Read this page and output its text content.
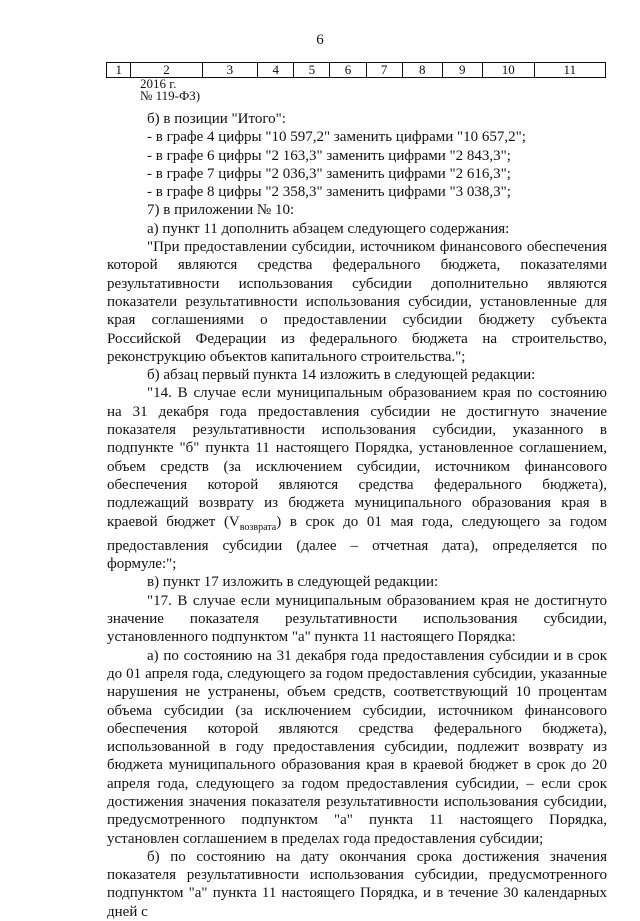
6
1	2	3	4	5	6	7	8	9	10	11
2016 г.
№ 119-ФЗ)

б) в позиции "Итого":

- в графе 4 цифры "10 597,2" заменить цифрами "10 657,2";

- в графе 6 цифры "2 163,3" заменить цифрами "2 843,3";

- в графе 7 цифры "2 036,3" заменить цифрами "2 616,3";

- в графе 8 цифры "2 358,3" заменить цифрами "3 038,3";

7) в приложении № 10:

а) пункт 11 дополнить абзацем следующего содержания:

"При предоставлении субсидии, источником финансового обеспечения которой являются средства федерального бюджета, показателями результативности использования субсидии дополнительно являются показатели результативности использования субсидии, установленные для края соглашениями о предоставлении субсидии бюджету субъекта Российской Федерации из федерального бюджета на строительство, реконструкцию объектов капитального строительства.";

б) абзац первый пункта 14 изложить в следующей редакции:

"14. В случае если муниципальным образованием края по состоянию на 31 декабря года предоставления субсидии не достигнуто значение показателя результативности использования субсидии, указанного в подпункте "б" пункта 11 настоящего Порядка, установленное соглашением, объем средств (за исключением субсидии, источником финансового обеспечения которой являются средства федерального бюджета), подлежащий возврату из бюджета муниципального образования края в краевой бюджет $(V_{возврата})$ в срок до 01 мая года, следующего за годом предоставления субсидии (далее – отчетная дата), определяется по формуле:";

в) пункт 17 изложить в следующей редакции:

"17. В случае если муниципальным образованием края не достигнуто значение показателя результативности использования субсидии, установленного подпунктом "а" пункта 11 настоящего Порядка:

а) по состоянию на 31 декабря года предоставления субсидии и в срок до 01 апреля года, следующего за годом предоставления субсидии, указанные нарушения не устранены, объем средств, соответствующий 10 процентам объема субсидии (за исключением субсидии, источником финансового обеспечения которой являются средства федерального бюджета), использованной в году предоставления субсидии, подлежит возврату из бюджета муниципального образования края в краевой бюджет в срок до 20 апреля года, следующего за годом предоставления субсидии, – если срок достижения значения показателя результативности использования субсидии, предусмотренного подпунктом "а" пункта 11 настоящего Порядка, установлен соглашением в пределах года предоставления субсидии;

б) по состоянию на дату окончания срока достижения значения показателя результативности использования субсидии, предусмотренного подпунктом "а" пункта 11 настоящего Порядка, и в течение 30 календарных дней с
